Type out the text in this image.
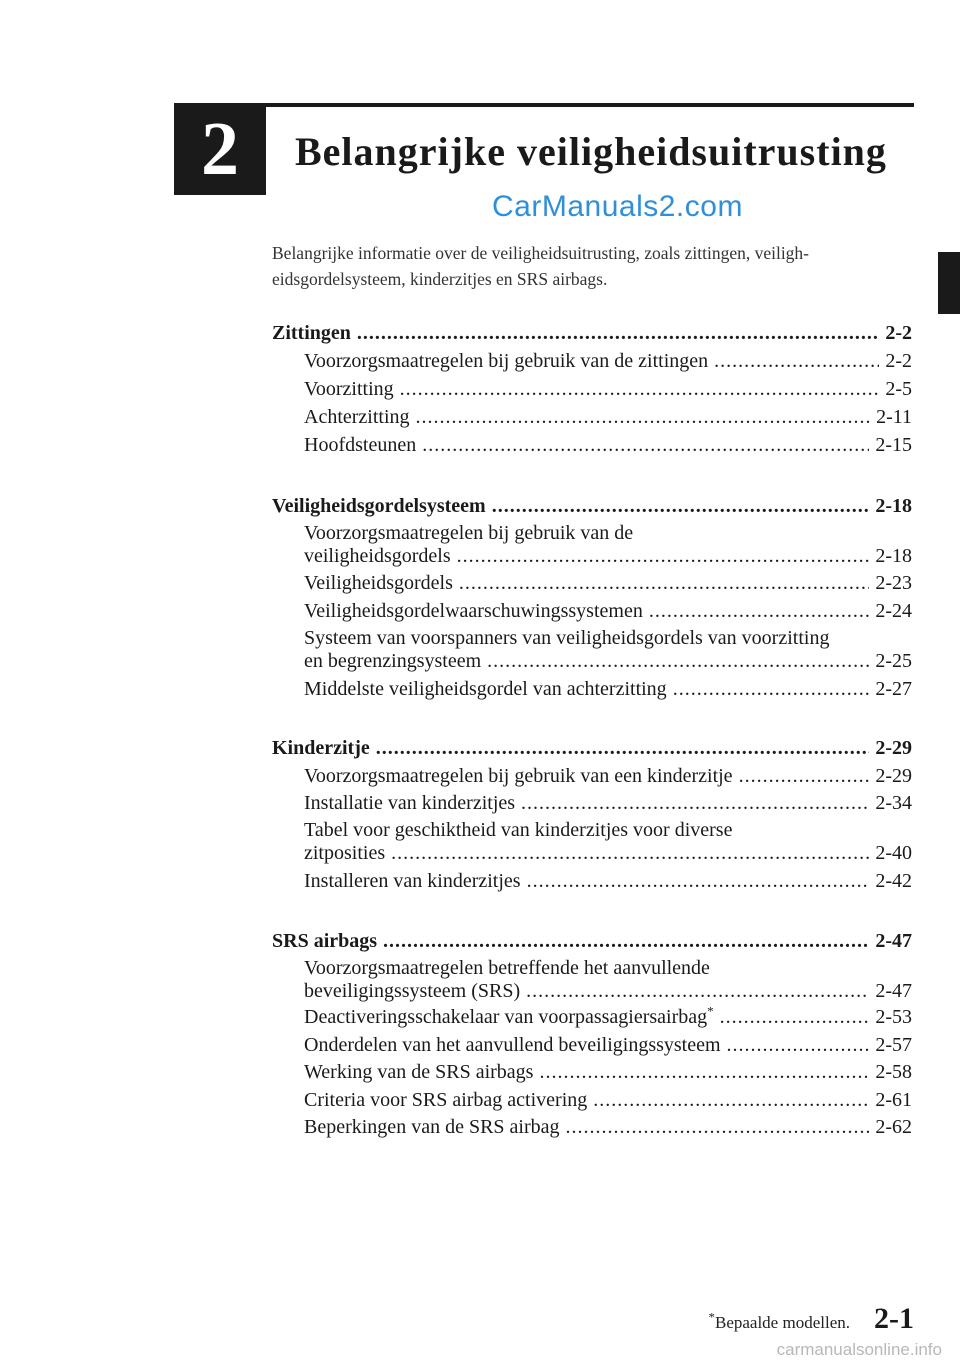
2	Belangrijke veiligheidsuitrusting
CarManuals2.com
Belangrijke informatie over de veiligheidsuitrusting, zoals zittingen, veiligh-
eidsgordelsysteem, kinderzitjes en SRS airbags.
Zittingen .....	2-2
Voorzorgsmaatregelen bij gebruik van de zittingen .....	2-2
Voorzitting .....	2-5
Achterzitting .....	2-11
Hoofdsteunen .....	2-15
Veiligheidsgordelsysteem .....	2-18
Voorzorgsmaatregelen bij gebruik van de
veiligheidsgordels .....	2-18
Veiligheidsgordels .....	2-23
Veiligheidsgordelwaarschuwingssystemen .....	2-24
Systeem van voorspanners van veiligheidsgordels van voorzitting
en begrenzingsysteem .....	2-25
Middelste veiligheidsgordel van achterzitting .....	2-27
Kinderzitje .....	2-29
Voorzorgsmaatregelen bij gebruik van een kinderzitje .....	2-29
Installatie van kinderzitjes .....	2-34
Tabel voor geschiktheid van kinderzitjes voor diverse
zitposities .....	2-40
Installeren van kinderzitjes .....	2-42
SRS airbags .....	2-47
Voorzorgsmaatregelen betreffende het aanvullende
beveiligingssysteem (SRS) .....	2-47
Deactiveringsschakelaar van voorpassagiersairbag* .....	2-53
Onderdelen van het aanvullend beveiligingssysteem .....	2-57
Werking van de SRS airbags .....	2-58
Criteria voor SRS airbag activering .....	2-61
Beperkingen van de SRS airbag .....	2-62
*Bepaalde modellen. 2-1
carmanualsonline.info
